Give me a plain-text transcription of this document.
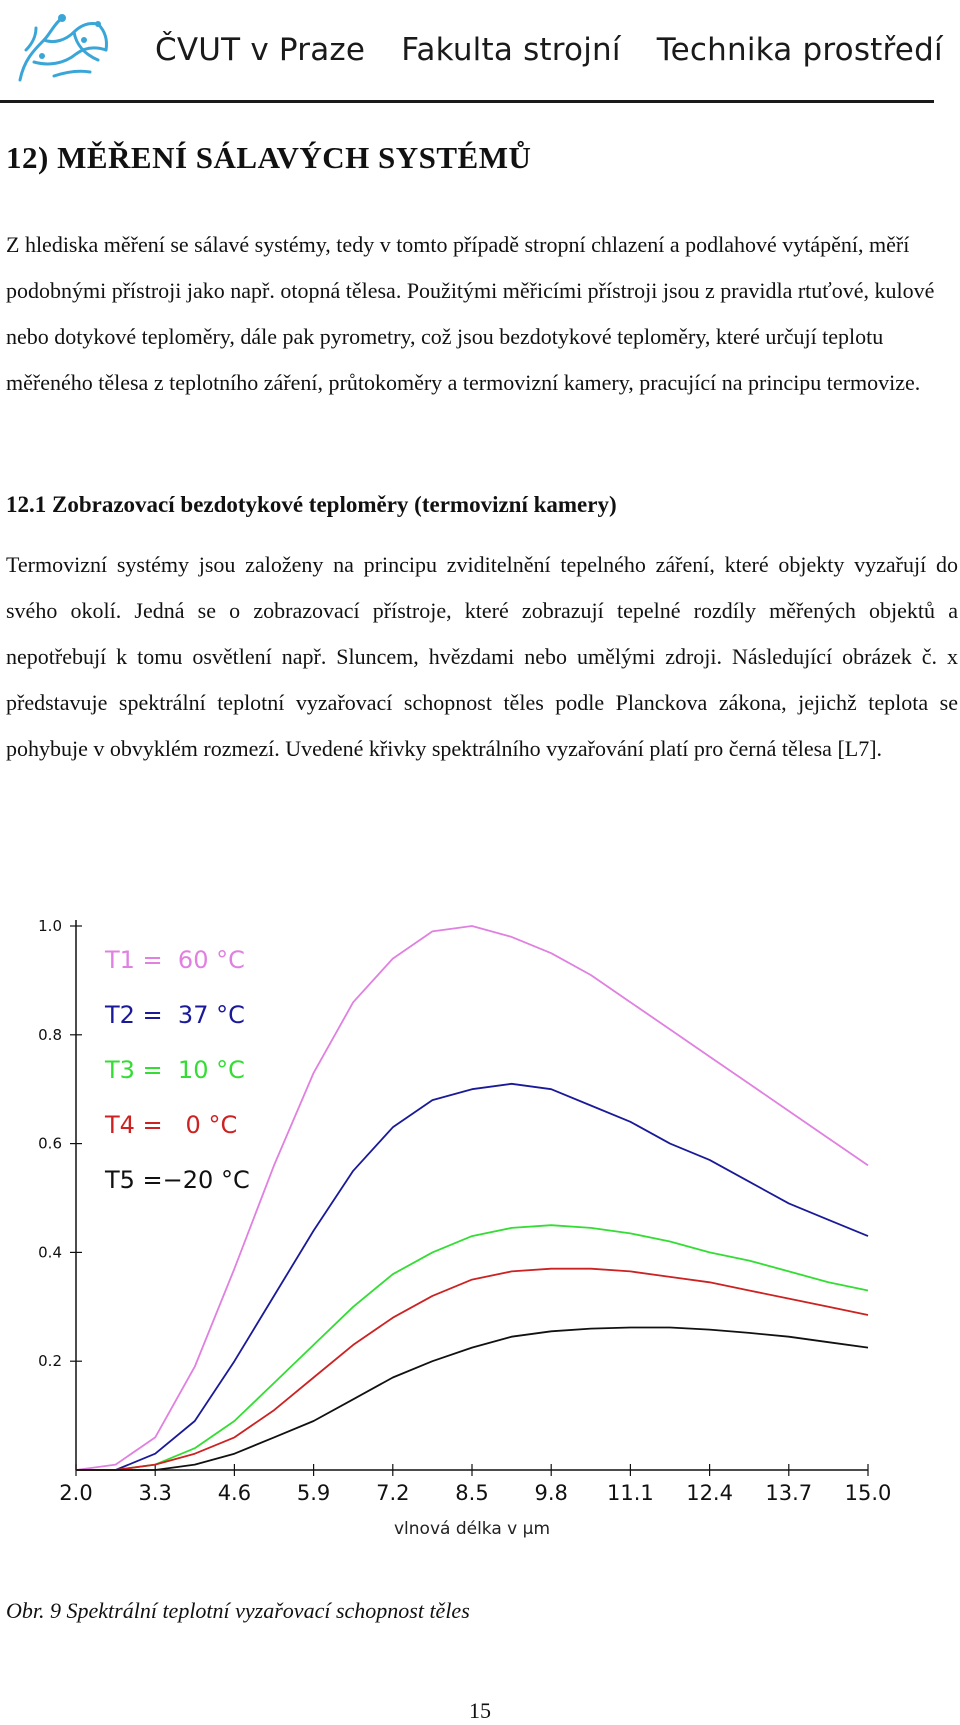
ČVUT v Praze Fakulta strojní Technika prostředí
12) MĚŘENÍ SÁLAVÝCH SYSTÉMŮ

Z hlediska měření se sálavé systémy, tedy v tomto případě stropní chlazení a podlahové vytápění, měří podobnými přístroji jako např. otopná tělesa. Použitými měřicími přístroji jsou z pravidla rtuťové, kulové nebo dotykové teploměry, dále pak pyrometry, což jsou bezdotykové teploměry, které určují teplotu měřeného tělesa z teplotního záření, průtokoměry a termovizní kamery, pracující na principu termovize.

12.1 Zobrazovací bezdotykové teploměry (termovizní kamery)

Termovizní systémy jsou založeny na principu zviditelnění tepelného záření, které objekty vyzařují do svého okolí. Jedná se o zobrazovací přístroje, které zobrazují tepelné rozdíly měřených objektů a nepotřebují k tomu osvětlení např. Sluncem, hvězdami nebo umělými zdroji. Následující obrázek č. x představuje spektrální teplotní vyzařovací schopnost těles podle Planckova zákona, jejichž teplota se pohybuje v obvyklém rozmezí. Uvedené křivky spektrálního vyzařování platí pro černá tělesa [L7].

0.2
0.4
0.6
0.8
1.0
2.0 3.3 4.6 5.9 7.2 8.5 9.8 11.1 12.4 13.7 15.0
vlnová délka v µm
T1 =  60 °C
T2 =  37 °C
T3 =  10 °C
T4 =   0 °C
T5 =−20 °C

Obr. 9 Spektrální teplotní vyzařovací schopnost těles

15
